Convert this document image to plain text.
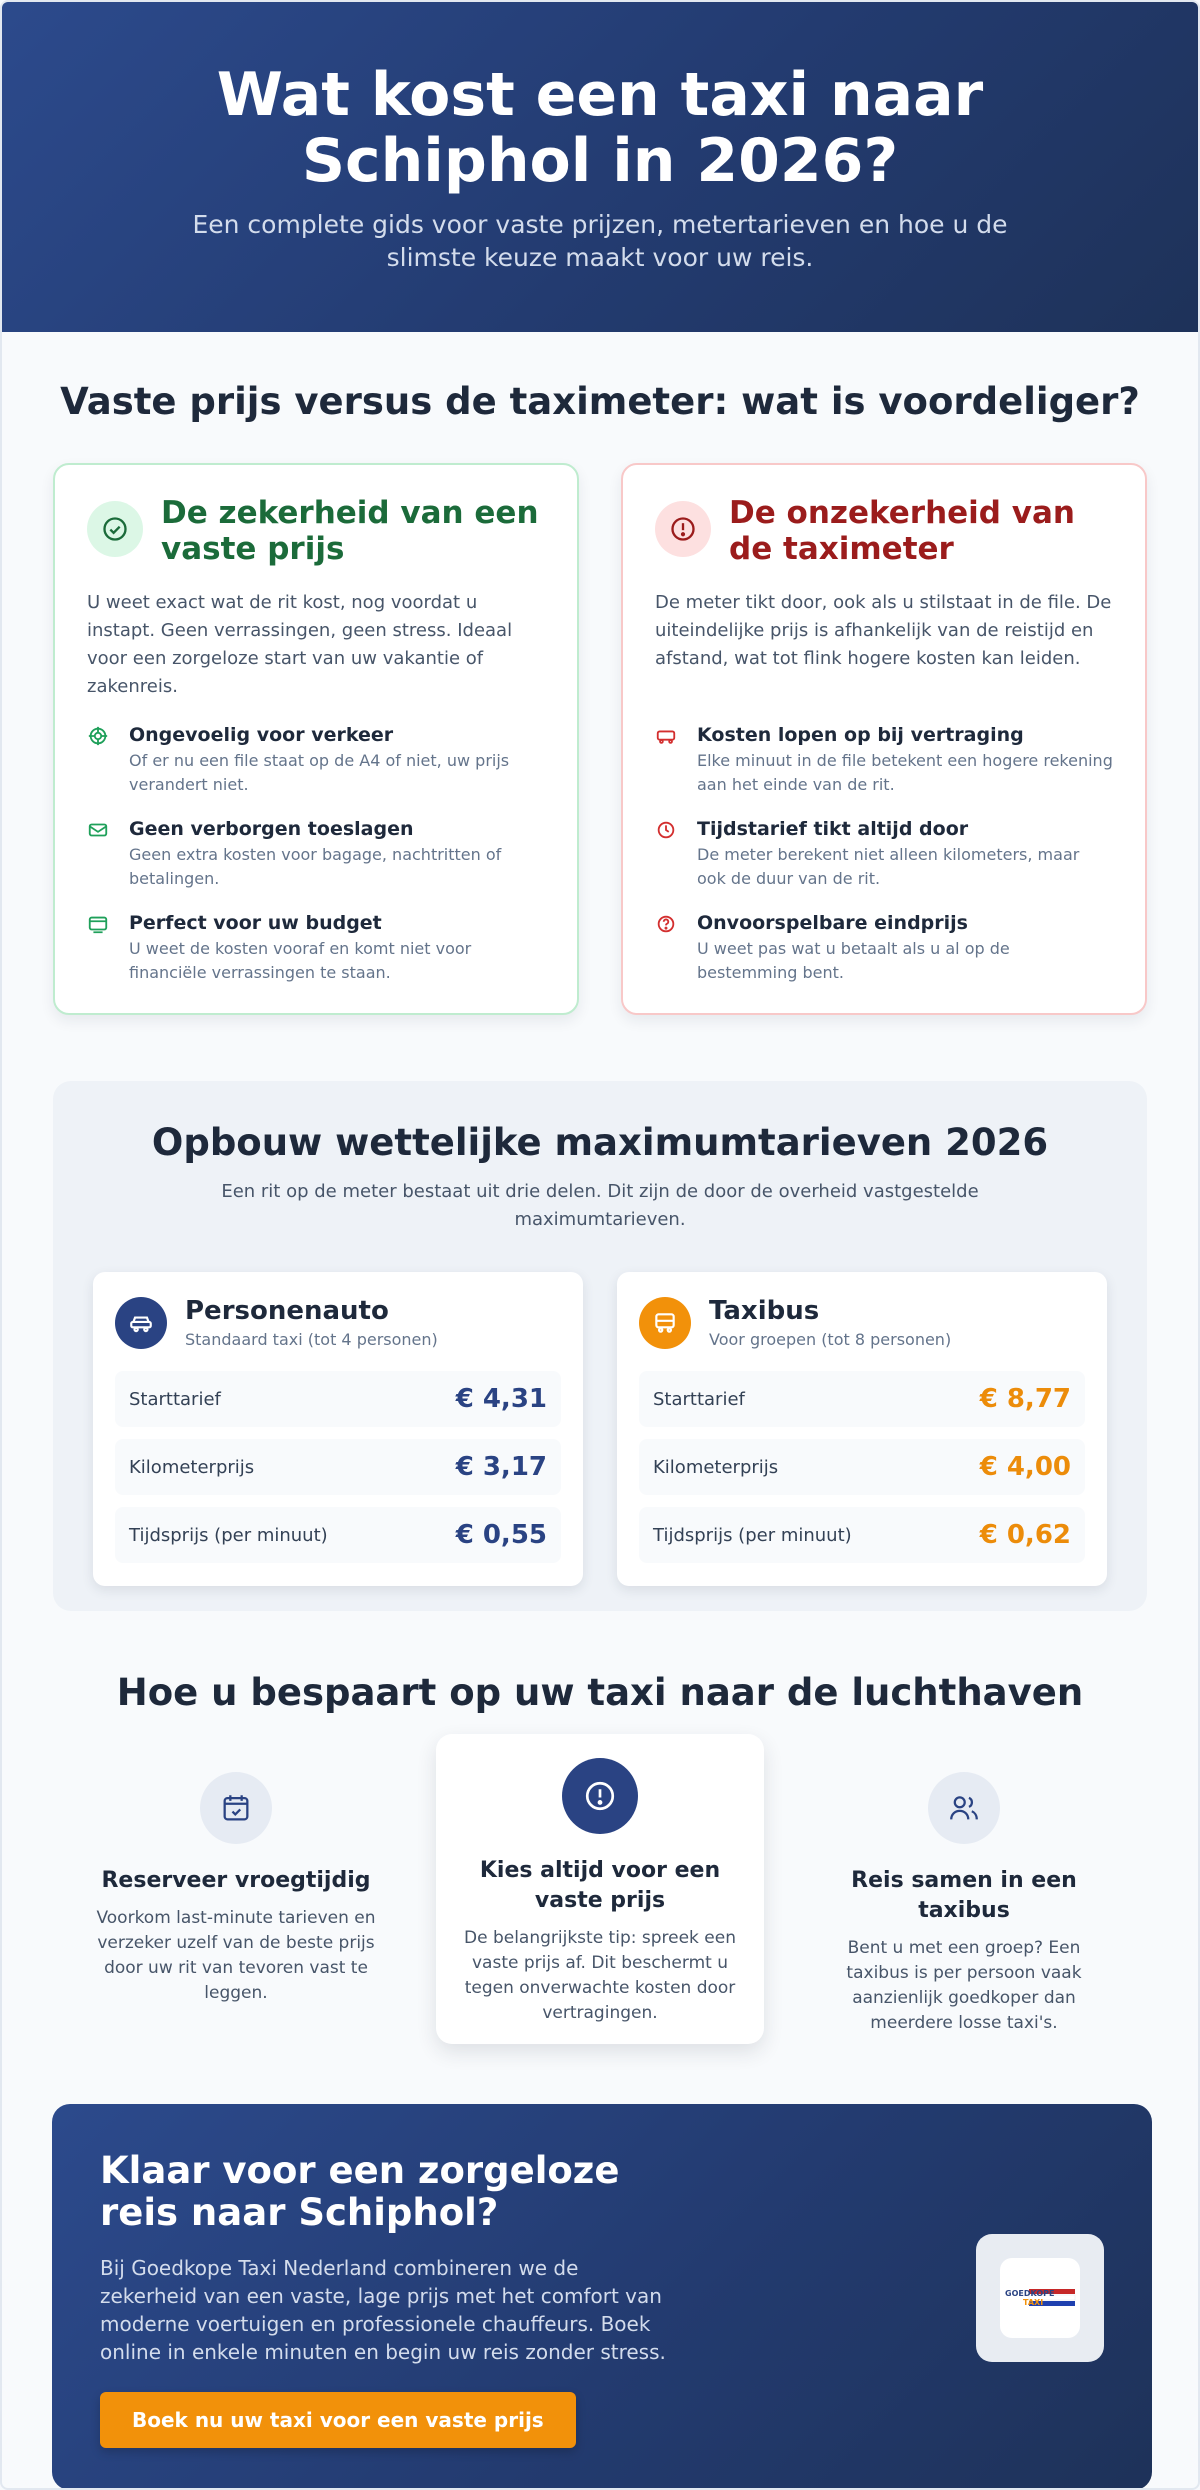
Wat kost een taxi naar Schiphol in 2026?

Een complete gids voor vaste prijzen, metertarieven en hoe u de slimste keuze maakt voor uw reis.

Vaste prijs versus de taximeter: wat is voordeliger?
De zekerheid van een vaste prijs

U weet exact wat de rit kost, nog voordat u instapt. Geen verrassingen, geen stress. Ideaal voor een zorgeloze start van uw vakantie of zakenreis.

Ongevoelig voor verkeer

Of er nu een file staat op de A4 of niet, uw prijs verandert niet.

Geen verborgen toeslagen

Geen extra kosten voor bagage, nachtritten of betalingen.

Perfect voor uw budget

U weet de kosten vooraf en komt niet voor financiële verrassingen te staan.

De onzekerheid van de taximeter

De meter tikt door, ook als u stilstaat in de file. De uiteindelijke prijs is afhankelijk van de reistijd en afstand, wat tot flink hogere kosten kan leiden.

Kosten lopen op bij vertraging

Elke minuut in de file betekent een hogere rekening aan het einde van de rit.

Tijdstarief tikt altijd door

De meter berekent niet alleen kilometers, maar ook de duur van de rit.

Onvoorspelbare eindprijs

U weet pas wat u betaalt als u al op de bestemming bent.

Opbouw wettelijke maximumtarieven 2026

Een rit op de meter bestaat uit drie delen. Dit zijn de door de overheid vastgestelde maximumtarieven.

Personenauto
Standaard taxi (tot 4 personen)
Starttarief	€ 4,31
Kilometerprijs	€ 3,17
Tijdsprijs (per minuut)	€ 0,55
Taxibus
Voor groepen (tot 8 personen)
Starttarief	€ 8,77
Kilometerprijs	€ 4,00
Tijdsprijs (per minuut)	€ 0,62
Hoe u bespaart op uw taxi naar de luchthaven
Reserveer vroegtijdig

Voorkom last-minute tarieven en verzeker uzelf van de beste prijs door uw rit van tevoren vast te leggen.

Kies altijd voor een vaste prijs

De belangrijkste tip: spreek een vaste prijs af. Dit beschermt u tegen onverwachte kosten door vertragingen.

Reis samen in een taxibus

Bent u met een groep? Een taxibus is per persoon vaak aanzienlijk goedkoper dan meerdere losse taxi's.

Klaar voor een zorgeloze reis naar Schiphol?

Bij Goedkope Taxi Nederland combineren we de zekerheid van een vaste, lage prijs met het comfort van moderne voertuigen en professionele chauffeurs. Boek online in enkele minuten en begin uw reis zonder stress.

Boek nu uw taxi voor een vaste prijs
GOEDKOPE
TAXI
